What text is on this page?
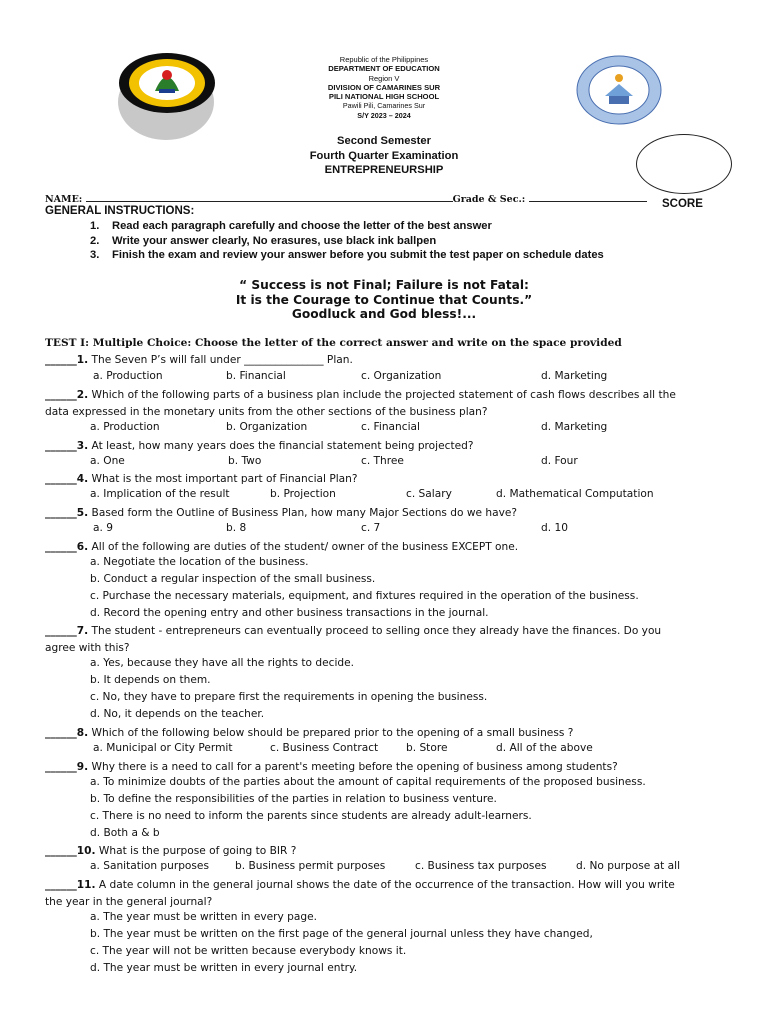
Republic of the Philippines
DEPARTMENT OF EDUCATION
Region V
DIVISION OF CAMARINES SUR
PILI NATIONAL HIGH SCHOOL
Pawili Pili, Camarines Sur
S/Y 2023 – 2024
Second Semester
Fourth Quarter Examination
ENTREPRENEURSHIP
SCORE
NAME:	Grade & Sec.:
GENERAL INSTRUCTIONS:
1. Read each paragraph carefully and choose the letter of the best answer
2. Write your answer clearly, No erasures, use black ink ballpen
3. Finish the exam and review your answer before you submit the test paper on schedule dates
“ Success is not Final; Failure is not Fatal:
It is the Courage to Continue that Counts.”
Goodluck and God bless!...
TEST I: Multiple Choice: Choose the letter of the correct answer and write on the space provided
______1. The Seven P’s will fall under _______________ Plan.
a. Production	b. Financial	c. Organization	d. Marketing
______2. Which of the following parts of a business plan include the projected statement of cash flows describes all the
data expressed in the monetary units from the other sections of the business plan?
a. Production	b. Organization	c. Financial	d. Marketing
______3. At least, how many years does the financial statement being projected?
a. One	b. Two	c. Three	d. Four
______4. What is the most important part of Financial Plan?
a. Implication of the result	b. Projection	c. Salary	d. Mathematical Computation
______5. Based form the Outline of Business Plan, how many Major Sections do we have?
a. 9	b. 8	c. 7	d. 10
______6. All of the following are duties of the student/ owner of the business EXCEPT one.
a. Negotiate the location of the business.
b. Conduct a regular inspection of the small business.
c. Purchase the necessary materials, equipment, and fixtures required in the operation of the business.
d. Record the opening entry and other business transactions in the journal.
______7. The student - entrepreneurs can eventually proceed to selling once they already have the finances. Do you
agree with this?
a. Yes, because they have all the rights to decide.
b. It depends on them.
c. No, they have to prepare first the requirements in opening the business.
d. No, it depends on the teacher.
______8. Which of the following below should be prepared prior to the opening of a small business ?
a. Municipal or City Permit	c. Business Contract	b. Store	d. All of the above
______9. Why there is a need to call for a parent's meeting before the opening of business among students?
a. To minimize doubts of the parties about the amount of capital requirements of the proposed business.
b. To define the responsibilities of the parties in relation to business venture.
c. There is no need to inform the parents since students are already adult-learners.
d. Both a & b
______10. What is the purpose of going to BIR ?
a. Sanitation purposes b. Business permit purposes	c. Business tax purposes	d. No purpose at all
______11. A date column in the general journal shows the date of the occurrence of the transaction. How will you write
the year in the general journal?
a. The year must be written in every page.
b. The year must be written on the first page of the general journal unless they have changed,
c. The year will not be written because everybody knows it.
d. The year must be written in every journal entry.
